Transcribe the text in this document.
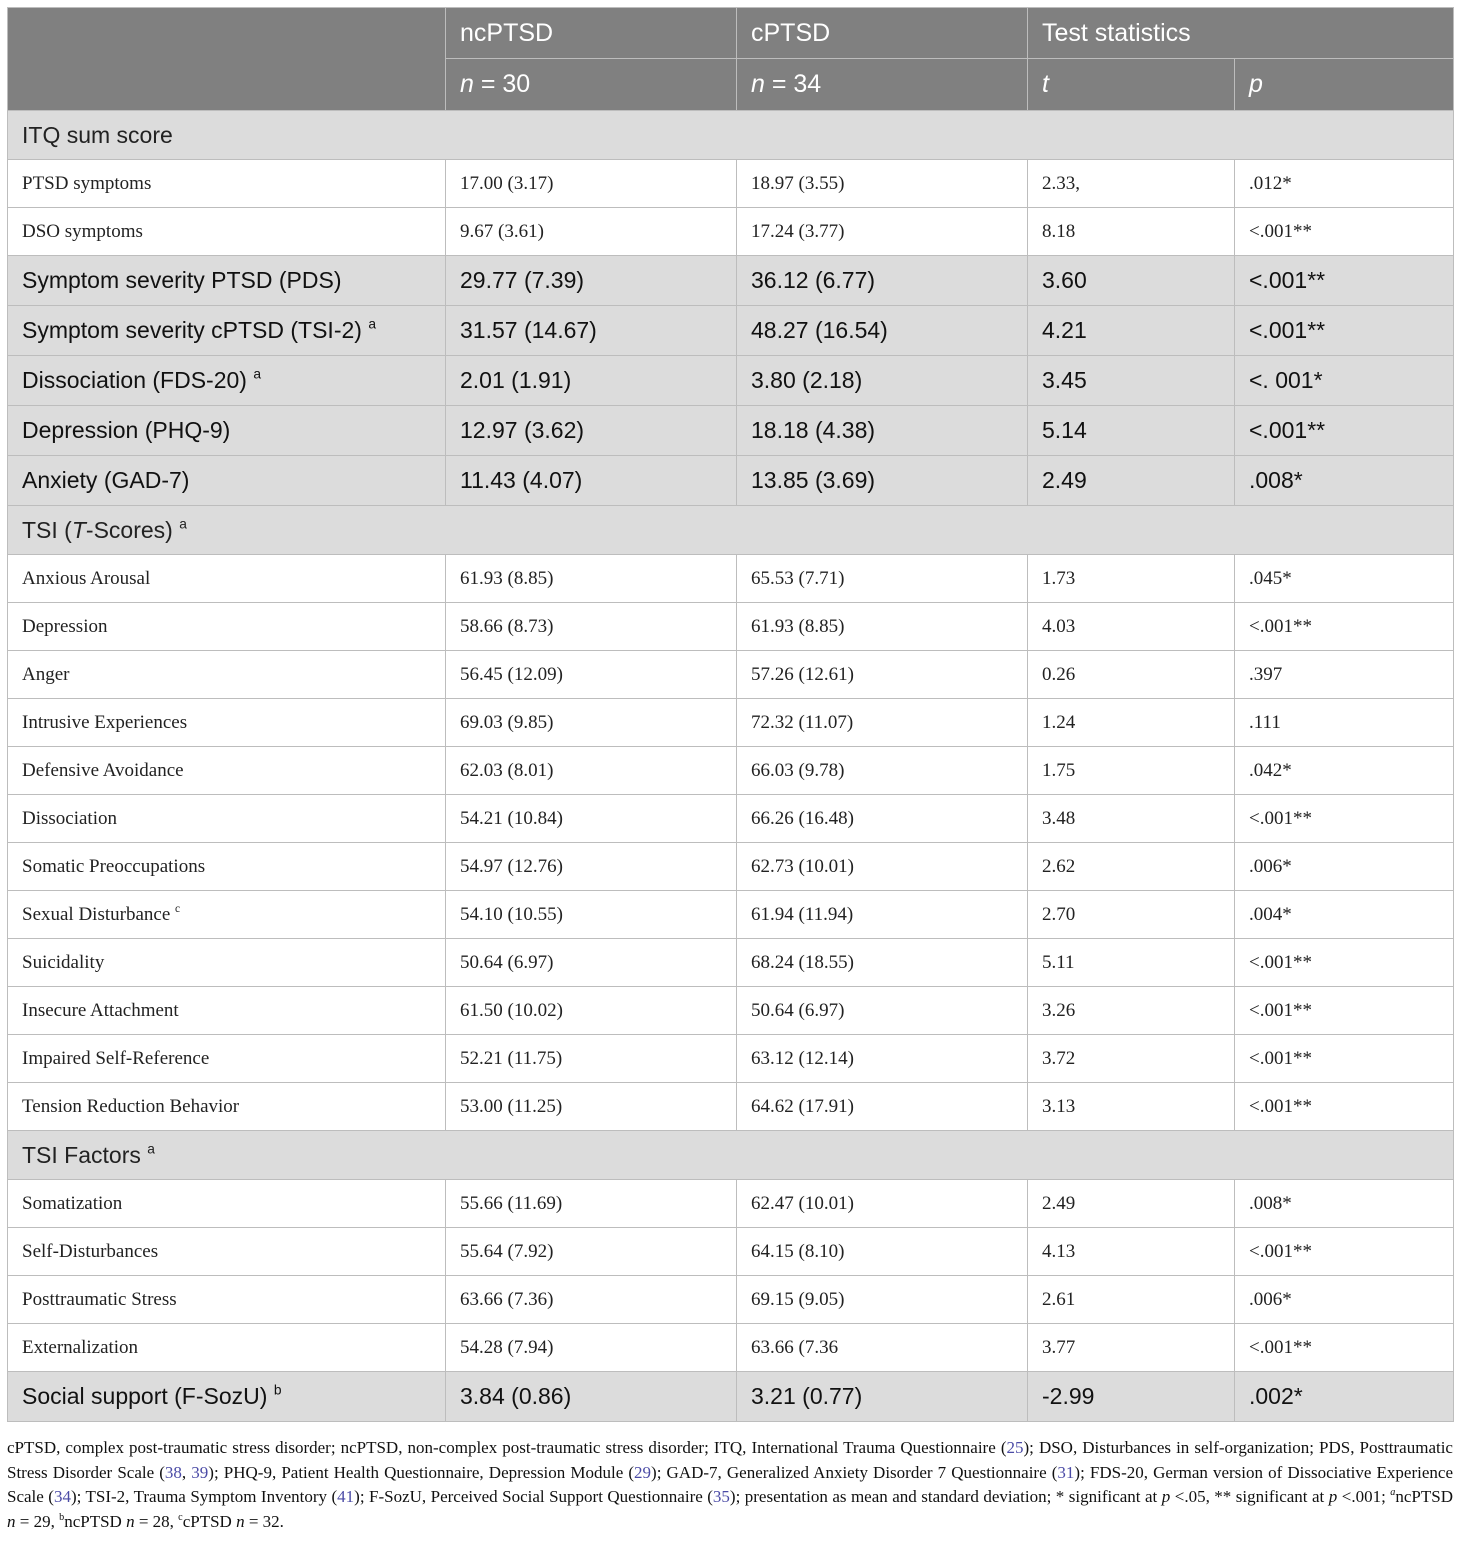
	ncPTSD	cPTSD	Test statistics	
	n = 30	n = 34	t	p
ITQ sum score				
PTSD symptoms	17.00 (3.17)	18.97 (3.55)	2.33,	.012*
DSO symptoms	9.67 (3.61)	17.24 (3.77)	8.18	<.001**
Symptom severity PTSD (PDS)	29.77 (7.39)	36.12 (6.77)	3.60	<.001**
Symptom severity cPTSD (TSI-2) $^a$	31.57 (14.67)	48.27 (16.54)	4.21	<.001**
Dissociation (FDS-20) $^a$	2.01 (1.91)	3.80 (2.18)	3.45	<. 001*
Depression (PHQ-9)	12.97 (3.62)	18.18 (4.38)	5.14	<.001**
Anxiety (GAD-7)	11.43 (4.07)	13.85 (3.69)	2.49	.008*
TSI (T-Scores) $^a$
Anxious Arousal	61.93 (8.85)	65.53 (7.71)	1.73	.045*
Depression	58.66 (8.73)	61.93 (8.85)	4.03	<.001**
Anger	56.45 (12.09)	57.26 (12.61)	0.26	.397
Intrusive Experiences	69.03 (9.85)	72.32 (11.07)	1.24	.111
Defensive Avoidance	62.03 (8.01)	66.03 (9.78)	1.75	.042*
Dissociation	54.21 (10.84)	66.26 (16.48)	3.48	<.001**
Somatic Preoccupations	54.97 (12.76)	62.73 (10.01)	2.62	.006*
Sexual Disturbance $^c$	54.10 (10.55)	61.94 (11.94)	2.70	.004*
Suicidality	50.64 (6.97)	68.24 (18.55)	5.11	<.001**
Insecure Attachment	61.50 (10.02)	50.64 (6.97)	3.26	<.001**
Impaired Self-Reference	52.21 (11.75)	63.12 (12.14)	3.72	<.001**
Tension Reduction Behavior	53.00 (11.25)	64.62 (17.91)	3.13	<.001**
TSI Factors $^a$
Somatization	55.66 (11.69)	62.47 (10.01)	2.49	.008*
Self-Disturbances	55.64 (7.92)	64.15 (8.10)	4.13	<.001**
Posttraumatic Stress	63.66 (7.36)	69.15 (9.05)	2.61	.006*
Externalization	54.28 (7.94)	63.66 (7.36	3.77	<.001**
Social support (F-SozU) $^b$	3.84 (0.86)	3.21 (0.77)	-2.99	.002*

cPTSD, complex post-traumatic stress disorder; ncPTSD, non-complex post-traumatic stress disorder; ITQ, International Trauma Questionnaire (25); DSO, Disturbances in self-organization; PDS, Posttraumatic Stress Disorder Scale (38, 39); PHQ-9, Patient Health Questionnaire, Depression Module (29); GAD-7, Generalized Anxiety Disorder 7 Questionnaire (31); FDS-20, German version of Dissociative Experience Scale (34); TSI-2, Trauma Symptom Inventory (41); F-SozU, Perceived Social Support Questionnaire (35); presentation as mean and standard deviation; * significant at p <.05, ** significant at p <.001; $^a$ncPTSD n = 29, $^b$ncPTSD n = 28, $^c$cPTSD n = 32.
